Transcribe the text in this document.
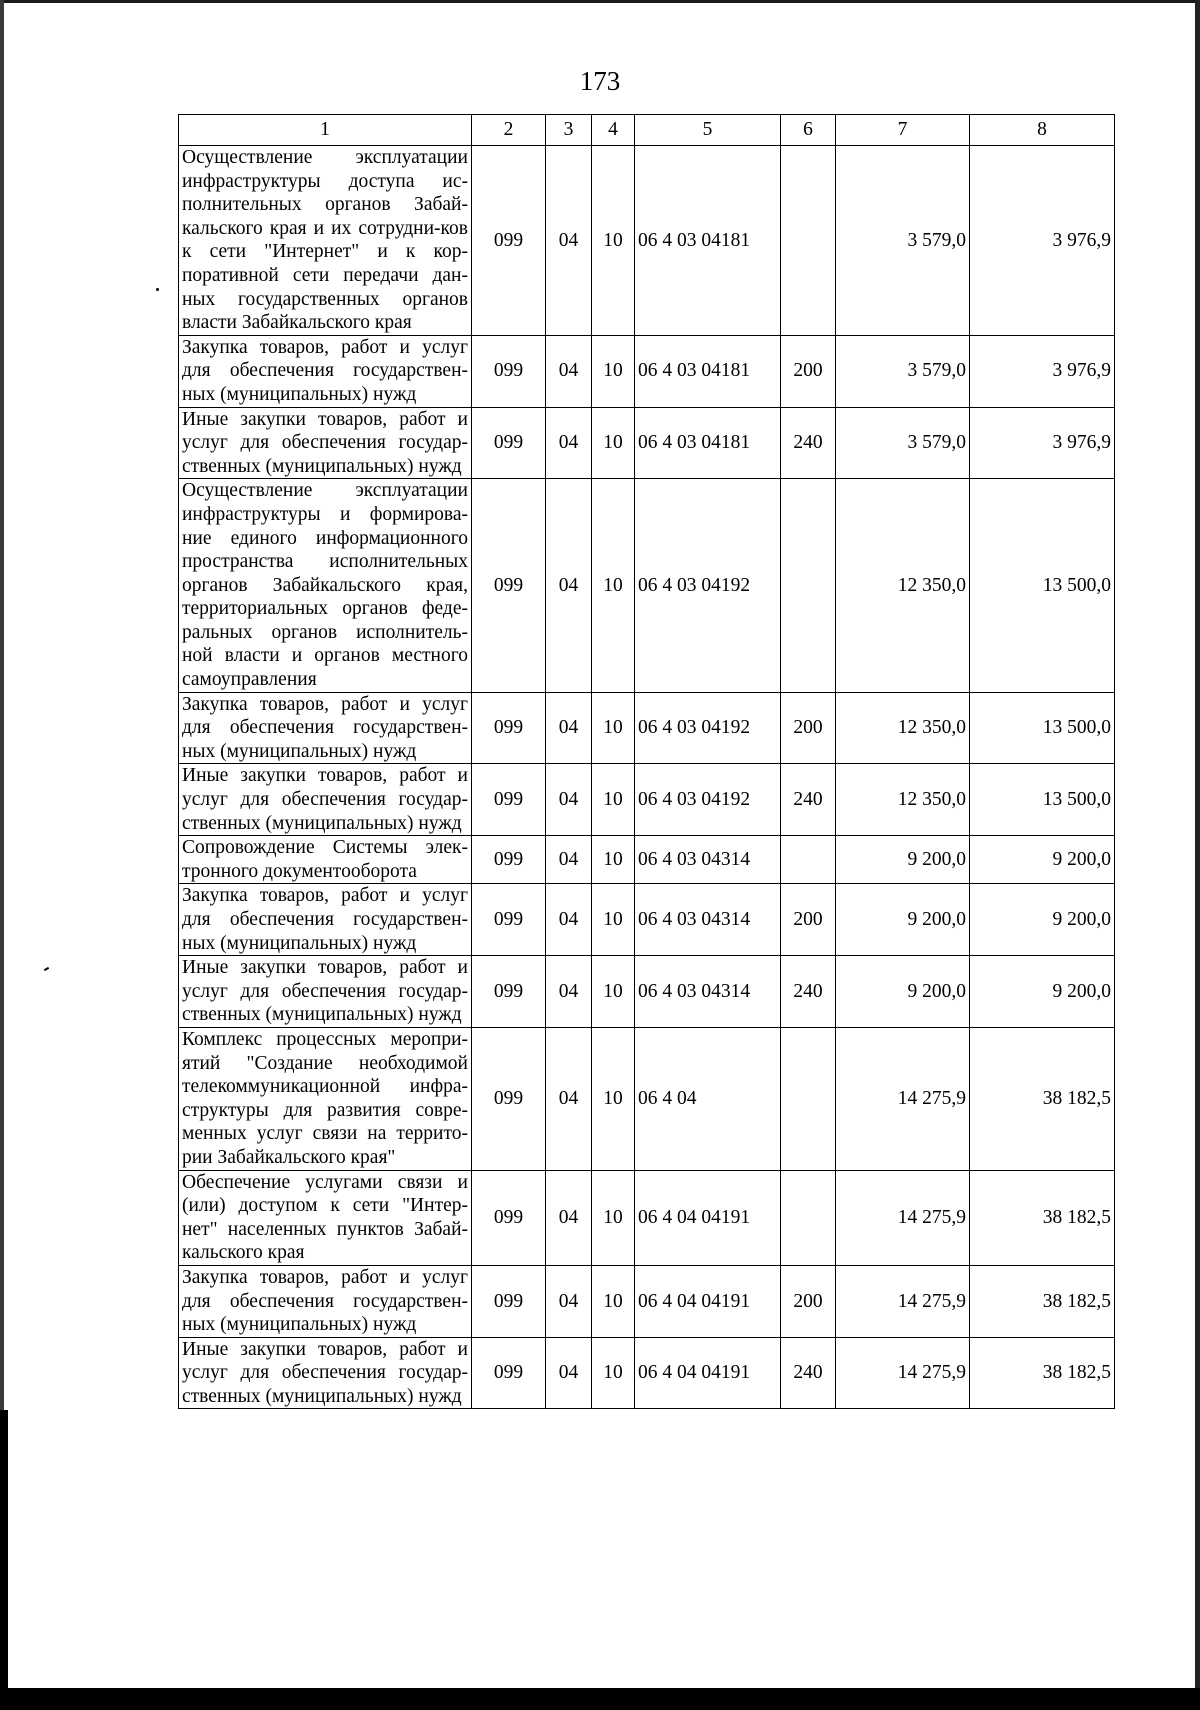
173
1	2	3	4	5	6	7	8
Осуществление эксплуатации инфраструктуры доступа ис-полнительных органов Забай-кальского края и их сотрудни-ков к сети "Интернет" и к кор-поративной сети передачи дан-ных государственных органов власти Забайкальского края	099	04	10	06 4 03 04181		3 579,0	3 976,9
Закупка товаров, работ и услуг для обеспечения государствен-ных (муниципальных) нужд	099	04	10	06 4 03 04181	200	3 579,0	3 976,9
Иные закупки товаров, работ и услуг для обеспечения государ-ственных (муниципальных) нужд	099	04	10	06 4 03 04181	240	3 579,0	3 976,9
Осуществление эксплуатации инфраструктуры и формирова-ние единого информационного пространства исполнительных органов Забайкальского края, территориальных органов феде-ральных органов исполнитель-ной власти и органов местного самоуправления	099	04	10	06 4 03 04192		12 350,0	13 500,0
Закупка товаров, работ и услуг для обеспечения государствен-ных (муниципальных) нужд	099	04	10	06 4 03 04192	200	12 350,0	13 500,0
Иные закупки товаров, работ и услуг для обеспечения государ-ственных (муниципальных) нужд	099	04	10	06 4 03 04192	240	12 350,0	13 500,0
Сопровождение Системы элек-тронного документооборота	099	04	10	06 4 03 04314		9 200,0	9 200,0
Закупка товаров, работ и услуг для обеспечения государствен-ных (муниципальных) нужд	099	04	10	06 4 03 04314	200	9 200,0	9 200,0
Иные закупки товаров, работ и услуг для обеспечения государ-ственных (муниципальных) нужд	099	04	10	06 4 03 04314	240	9 200,0	9 200,0
Комплекс процессных меропри-ятий "Создание необходимой телекоммуникационной инфра-структуры для развития совре-менных услуг связи на террито-рии Забайкальского края"	099	04	10	06 4 04		14 275,9	38 182,5
Обеспечение услугами связи и (или) доступом к сети "Интер-нет" населенных пунктов Забай-кальского края	099	04	10	06 4 04 04191		14 275,9	38 182,5
Закупка товаров, работ и услуг для обеспечения государствен-ных (муниципальных) нужд	099	04	10	06 4 04 04191	200	14 275,9	38 182,5
Иные закупки товаров, работ и услуг для обеспечения государ-ственных (муниципальных) нужд	099	04	10	06 4 04 04191	240	14 275,9	38 182,5
